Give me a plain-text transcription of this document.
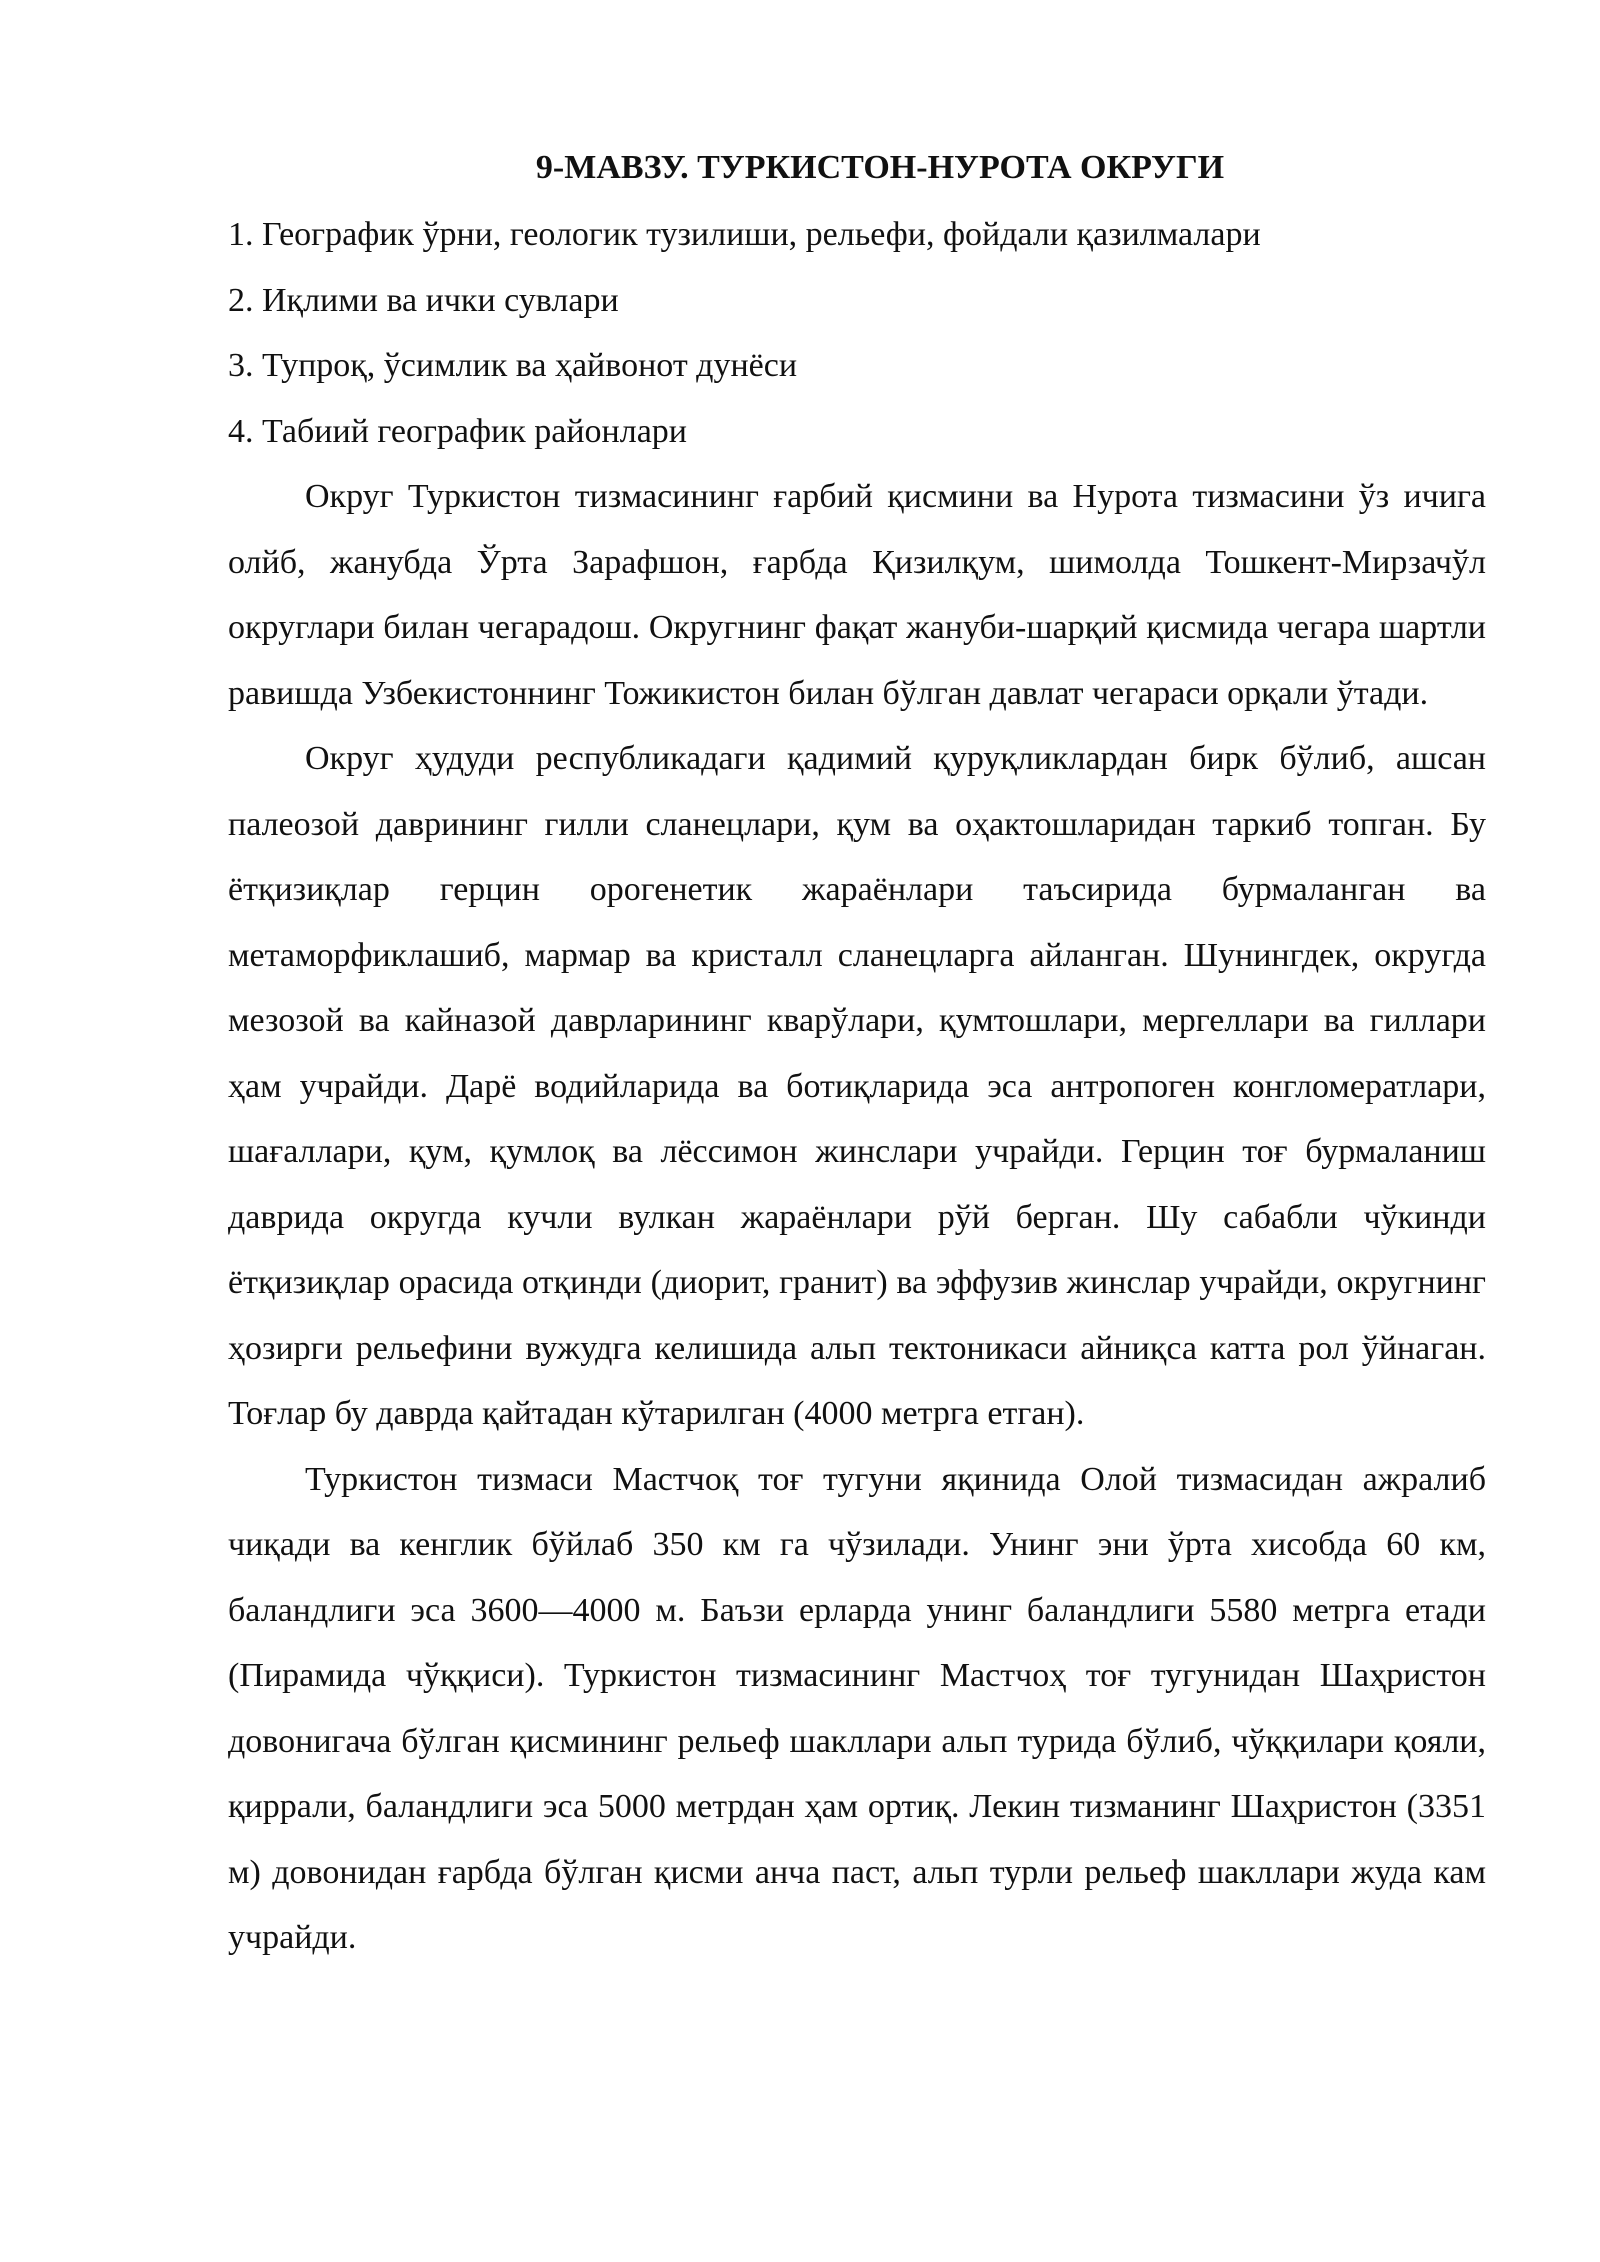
9-МАВЗУ. ТУРКИСТОН-НУРОТА ОКРУГИ
1. Географик ўрни, геологик тузилиши, рельефи, фойдали қазилмалари
2. Иқлими ва ички сувлари
3. Тупроқ, ўсимлик ва ҳайвонот дунёси
4. Табиий географик районлари

Округ Туркистон тизмасининг ғарбий қисмини ва Нурота тизмасини ўз ичига олйб, жанубда Ўрта Зарафшон, ғарбда Қизилқум, шимолда Тошкент-Мирзачўл округлари билан чегарадош. Округнинг фақат жануби-шарқий қисмида чегара шартли равишда Узбекистоннинг Тожикистон билан бўлган давлат чегараси орқали ўтади.

Округ ҳудуди республикадаги қадимий қуруқликлардан бирк бўлиб, ашсан палеозой даврининг гилли сланецлари, қум ва оҳактошларидан таркиб топган. Бу ётқизиқлар герцин орогенетик жараёнлари таъсирида бурмаланган ва метаморфиклашиб, мармар ва кристалл сланецларга айланган. Шунингдек, округда мезозой ва кайназой даврларининг кварўлари, қумтошлари, мергеллари ва гиллари ҳам учрайди. Дарё водийларида ва ботиқларида эса антропоген конгломератлари, шағаллари, қум, қумлоқ ва лёссимон жинслари учрайди. Герцин тоғ бурмаланиш даврида округда кучли вулкан жараёнлари рўй берган. Шу сабабли чўкинди ётқизиқлар орасида отқинди (диорит, гранит) ва эффузив жинслар учрайди, округнинг ҳозирги рельефини вужудга келишида альп тектоникаси айниқса катта рол ўйнаган. Тоғлар бу даврда қайтадан кўтарилган (4000 метрга етган).

Туркистон тизмаси Мастчоқ тоғ тугуни яқинида Олой тизмасидан ажралиб чиқади ва кенглик бўйлаб 350 км га чўзилади. Унинг эни ўрта хисобда 60 км, баландлиги эса 3600—4000 м. Баъзи ерларда унинг баландлиги 5580 метрга етади (Пирамида чўққиси). Туркистон тизмасининг Мастчоҳ тоғ тугунидан Шаҳристон довонигача бўлган қисмининг рельеф шакллари альп турида бўлиб, чўққилари қояли, қиррали, баландлиги эса 5000 метрдан ҳам ортиқ. Лекин тизманинг Шаҳристон (3351 м) довонидан ғарбда бўлган қисми анча паст, альп турли рельеф шакллари жуда кам учрайди.
